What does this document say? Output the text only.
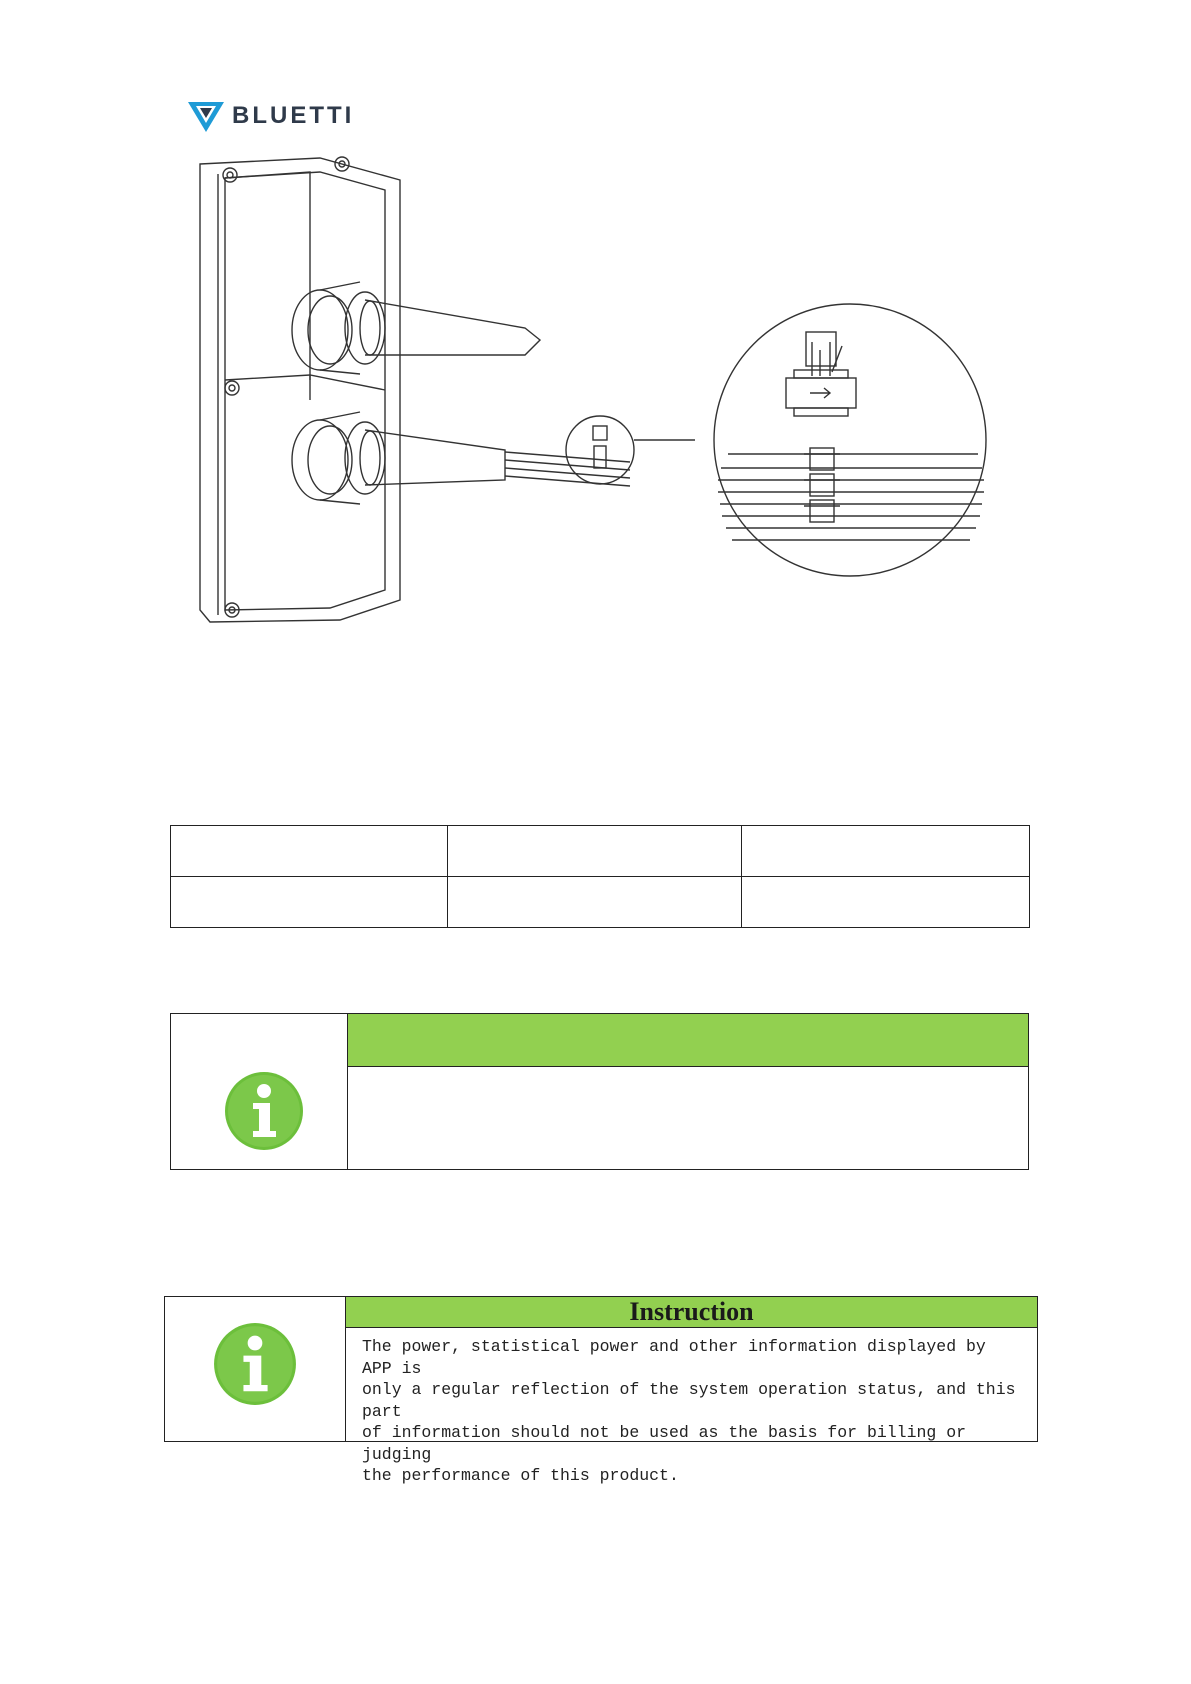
BLUETTI

Instruction
The power, statistical power and other information displayed by APP is
only a regular reflection of the system operation status, and this part
of information should not be used as the basis for billing or judging
the performance of this product.
